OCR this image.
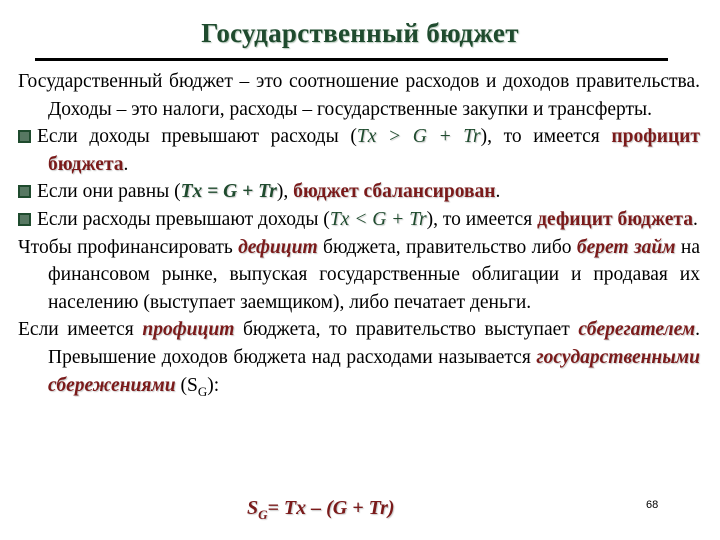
Государственный бюджет

Государственный бюджет – это соотношение расходов и доходов правительства. Доходы – это налоги, расходы – государственные закупки и трансферты.

Если доходы превышают расходы (Tx > G + Tr), то имеется профицит бюджета.

Если они равны (Tx = G + Tr), бюджет сбалансирован.

Если расходы превышают доходы (Tx < G + Tr), то имеется дефицит бюджета.

Чтобы профинансировать дефицит бюджета, правительство либо берет займ на финансовом рынке, выпуская государственные облигации и продавая их населению (выступает заемщиком), либо печатает деньги.

Если имеется профицит бюджета, то правительство выступает сберегателем. Превышение доходов бюджета над расходами называется государственными сбережениями $(S_G)$:

$S_G= Tx - (G + Tr)$	68
